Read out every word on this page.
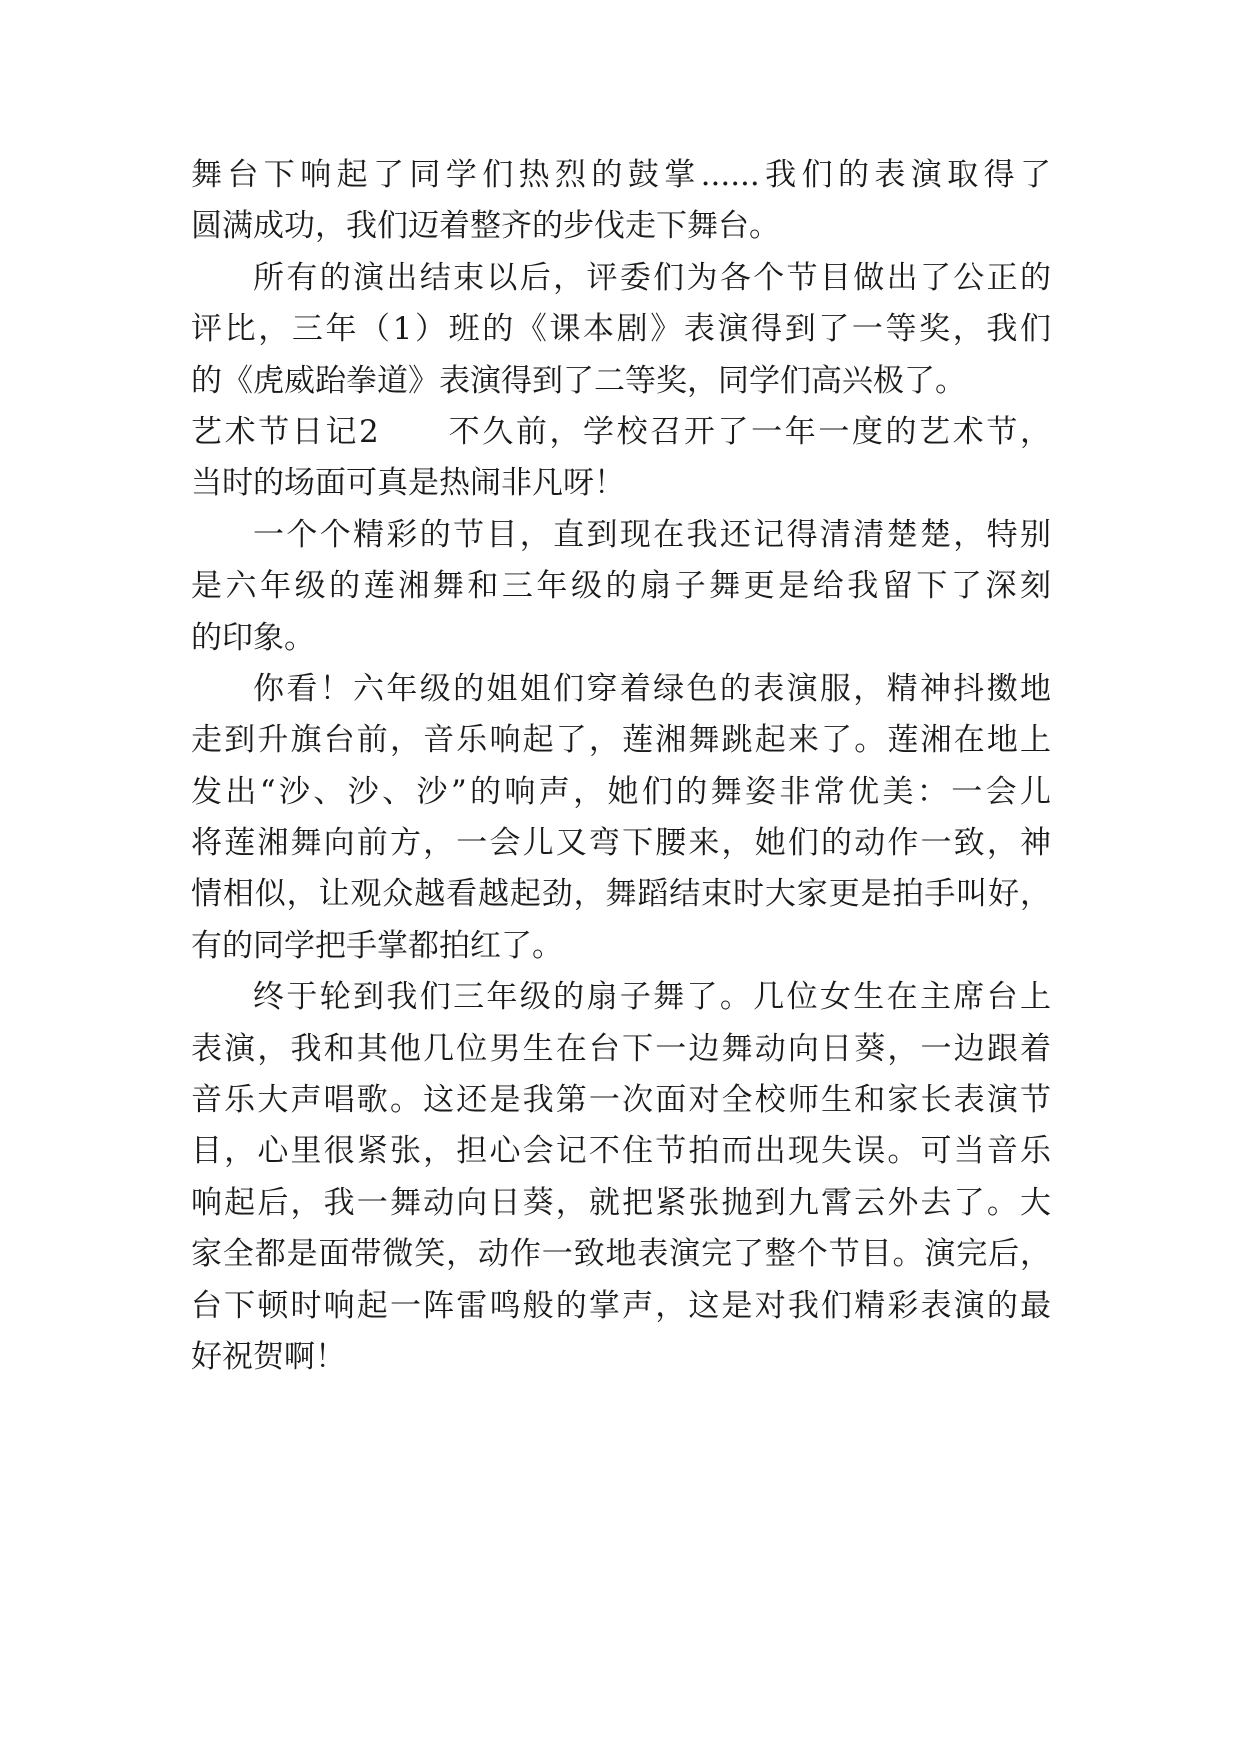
舞台下响起了同学们热烈的鼓掌......我们的表演取得了
圆满成功，我们迈着整齐的步伐走下舞台。
所有的演出结束以后，评委们为各个节目做出了公正的
评比，三年（1）班的《课本剧》表演得到了一等奖，我们
的《虎威跆拳道》表演得到了二等奖，同学们高兴极了。
艺术节日记2　　不久前，学校召开了一年一度的艺术节，
当时的场面可真是热闹非凡呀！
一个个精彩的节目，直到现在我还记得清清楚楚，特别
是六年级的莲湘舞和三年级的扇子舞更是给我留下了深刻
的印象。
你看！六年级的姐姐们穿着绿色的表演服，精神抖擞地
走到升旗台前，音乐响起了，莲湘舞跳起来了。莲湘在地上
发出“沙、沙、沙”的响声，她们的舞姿非常优美：一会儿
将莲湘舞向前方，一会儿又弯下腰来，她们的动作一致，神
情相似，让观众越看越起劲，舞蹈结束时大家更是拍手叫好，
有的同学把手掌都拍红了。
终于轮到我们三年级的扇子舞了。几位女生在主席台上
表演，我和其他几位男生在台下一边舞动向日葵，一边跟着
音乐大声唱歌。这还是我第一次面对全校师生和家长表演节
目，心里很紧张，担心会记不住节拍而出现失误。可当音乐
响起后，我一舞动向日葵，就把紧张抛到九霄云外去了。大
家全都是面带微笑，动作一致地表演完了整个节目。演完后，
台下顿时响起一阵雷鸣般的掌声，这是对我们精彩表演的最
好祝贺啊！
